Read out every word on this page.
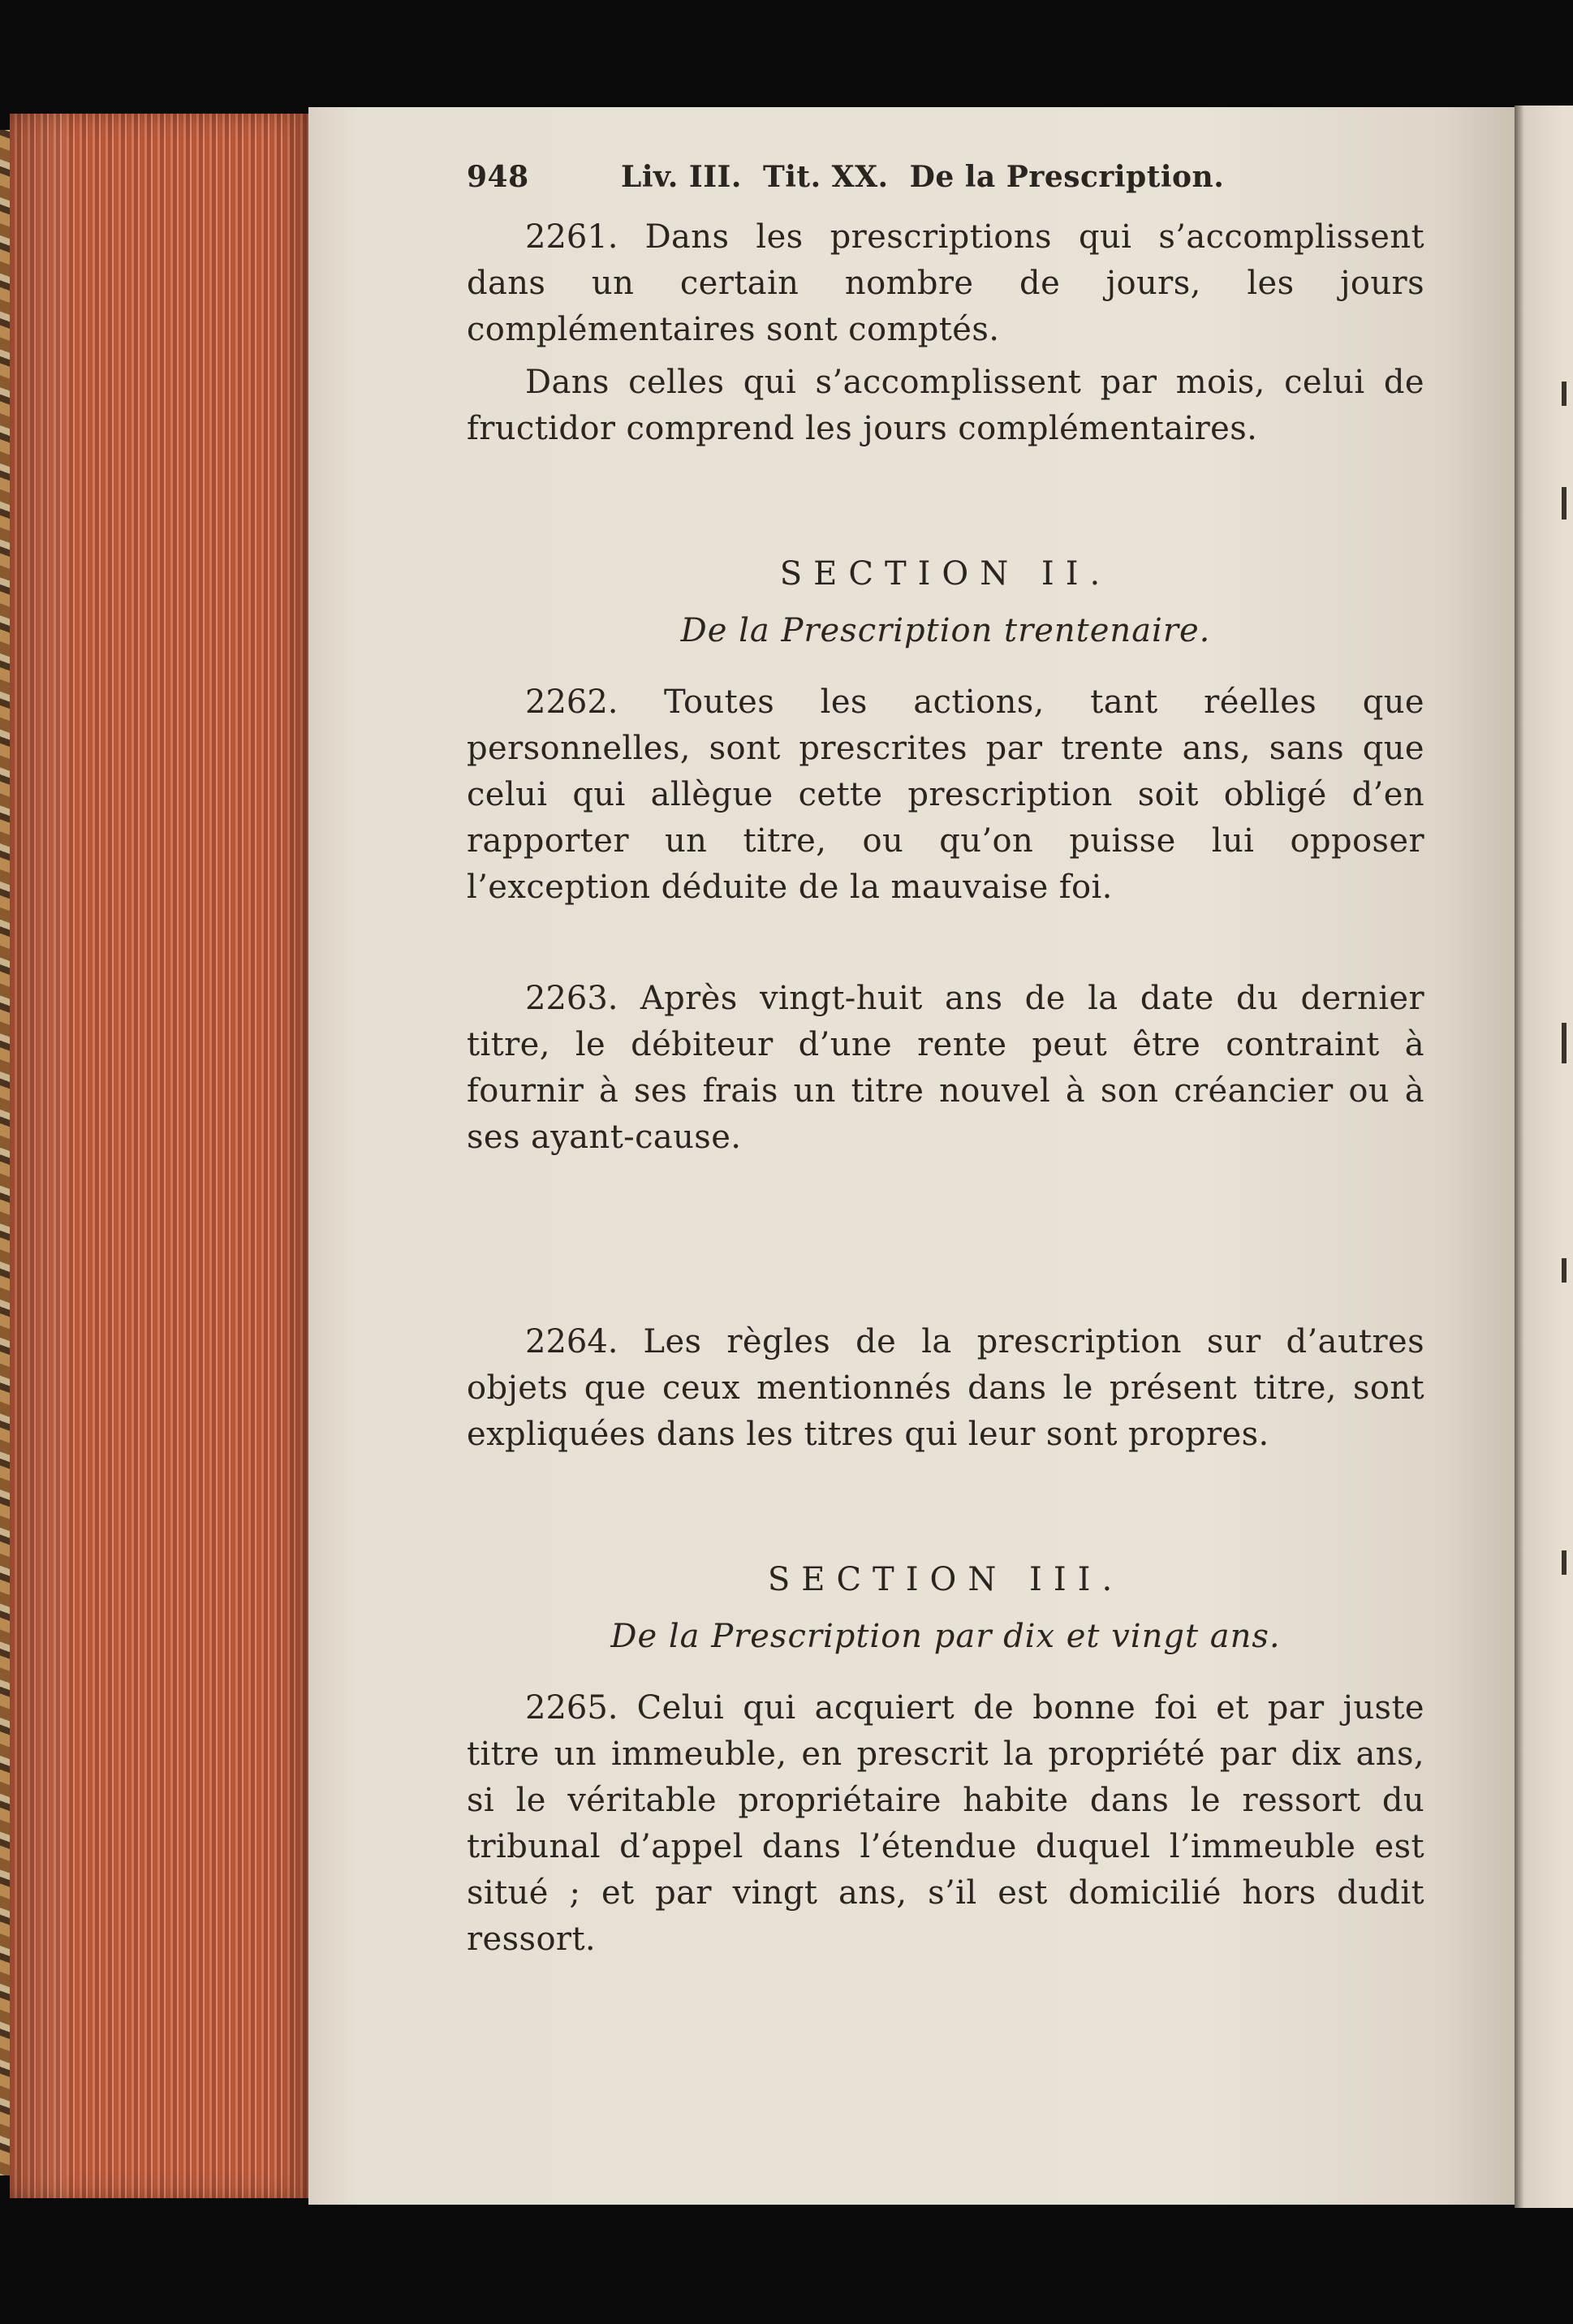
948	Liv. III.  Tit. XX.  De la Prescription.

2261. Dans les prescriptions qui s’accomplissent dans un certain nombre de jours, les jours complémentaires sont comptés.

Dans celles qui s’accomplissent par mois, celui de fructidor comprend les jours complémentaires.

SECTION II.

De la Prescription trentenaire.

2262. Toutes les actions, tant réelles que personnelles, sont prescrites par trente ans, sans que celui qui allègue cette prescription soit obligé d’en rapporter un titre, ou qu’on puisse lui opposer l’exception déduite de la mauvaise foi.

2263. Après vingt-huit ans de la date du dernier titre, le débiteur d’une rente peut être contraint à fournir à ses frais un titre nouvel à son créancier ou à ses ayant-cause.

2264. Les règles de la prescription sur d’autres objets que ceux mentionnés dans le présent titre, sont expliquées dans les titres qui leur sont propres.

SECTION III.

De la Prescription par dix et vingt ans.

2265. Celui qui acquiert de bonne foi et par juste titre un immeuble, en prescrit la propriété par dix ans, si le véritable propriétaire habite dans le ressort du tribunal d’appel dans l’étendue duquel l’immeuble est situé ; et par vingt ans, s’il est domicilié hors dudit ressort.
